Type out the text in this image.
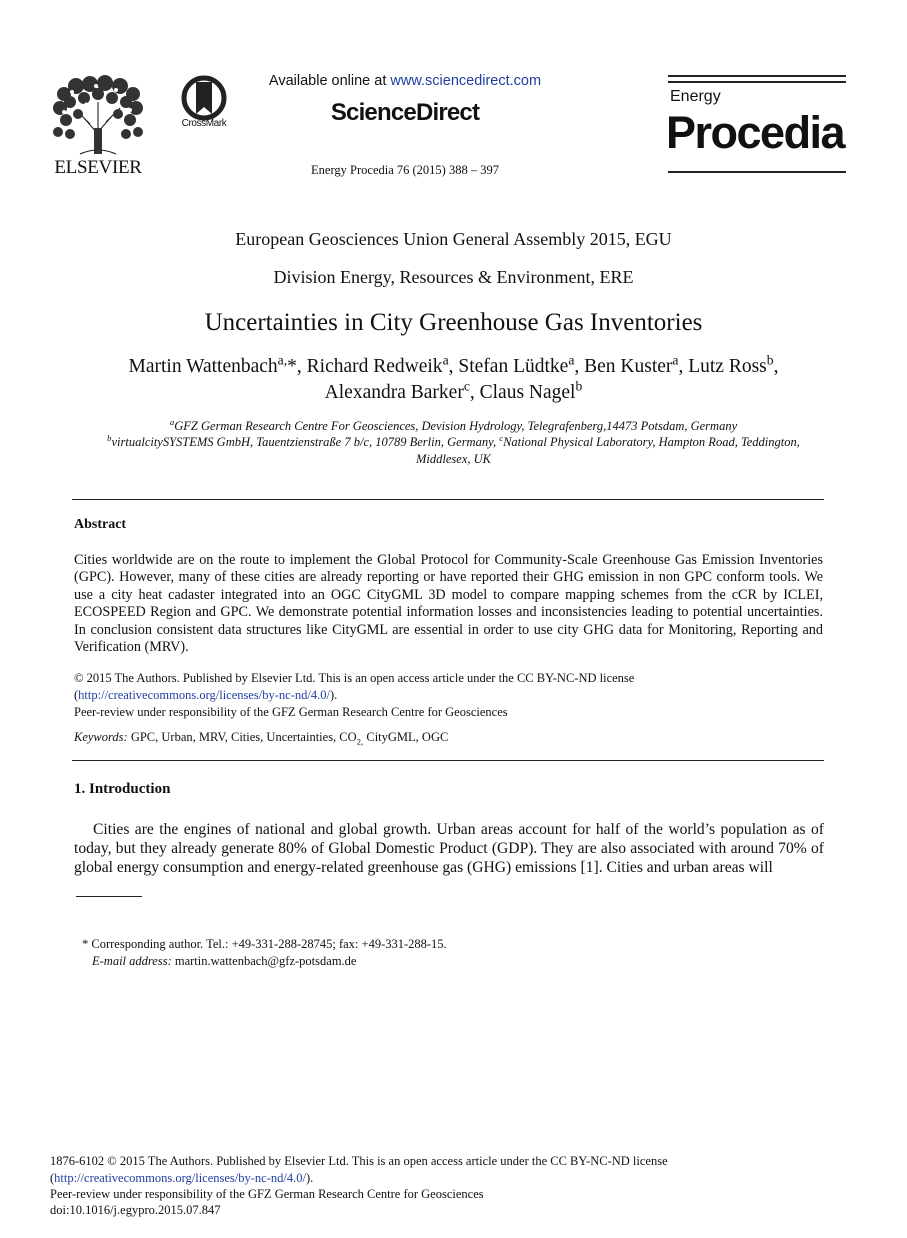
ELSEVIER
CrossMark
Available online at www.sciencedirect.com
ScienceDirect
Energy Procedia 76 (2015) 388 – 397
Energy
Procedia
European Geosciences Union General Assembly 2015, EGU
Division Energy, Resources & Environment, ERE
Uncertainties in City Greenhouse Gas Inventories
Martin Wattenbach$^{a,}$*, Richard Redweik$^a$, Stefan Lüdtke$^a$, Ben Kuster$^a$, Lutz Ross$^b$,
Alexandra Barker$^c$, Claus Nagel$^b$
$^a$GFZ German Research Centre For Geosciences, Devision Hydrology, Telegrafenberg,14473 Potsdam, Germany
$^b$virtualcitySYSTEMS GmbH, Tauentzienstraße 7 b/c, 10789 Berlin, Germany, $^c$National Physical Laboratory, Hampton Road, Teddington,
Middlesex, UK
Abstract
Cities worldwide are on the route to implement the Global Protocol for Community-Scale Greenhouse Gas Emission Inventories (GPC). However, many of these cities are already reporting or have reported their GHG emission in non GPC conform tools. We use a city heat cadaster integrated into an OGC CityGML 3D model to compare mapping schemes from the cCR by ICLEI, ECOSPEED Region and GPC. We demonstrate potential information losses and inconsistencies leading to potential uncertainties. In conclusion consistent data structures like CityGML are essential in order to use city GHG data for Monitoring, Reporting and Verification (MRV).
© 2015 The Authors. Published by Elsevier Ltd. This is an open access article under the CC BY-NC-ND license
(http://creativecommons.org/licenses/by-nc-nd/4.0/).
Peer-review under responsibility of the GFZ German Research Centre for Geosciences
Keywords: GPC, Urban, MRV, Cities, Uncertainties, $CO_{2,}$ CityGML, OGC
1. Introduction
Cities are the engines of national and global growth. Urban areas account for half of the world’s population as of today, but they already generate 80% of Global Domestic Product (GDP). They are also associated with around 70% of global energy consumption and energy-related greenhouse gas (GHG) emissions [1]. Cities and urban areas will
* Corresponding author. Tel.: +49-331-288-28745; fax: +49-331-288-15.
E-mail address: martin.wattenbach@gfz-potsdam.de
1876-6102 © 2015 The Authors. Published by Elsevier Ltd. This is an open access article under the CC BY-NC-ND license
(http://creativecommons.org/licenses/by-nc-nd/4.0/).
Peer-review under responsibility of the GFZ German Research Centre for Geosciences
doi:10.1016/j.egypro.2015.07.847
